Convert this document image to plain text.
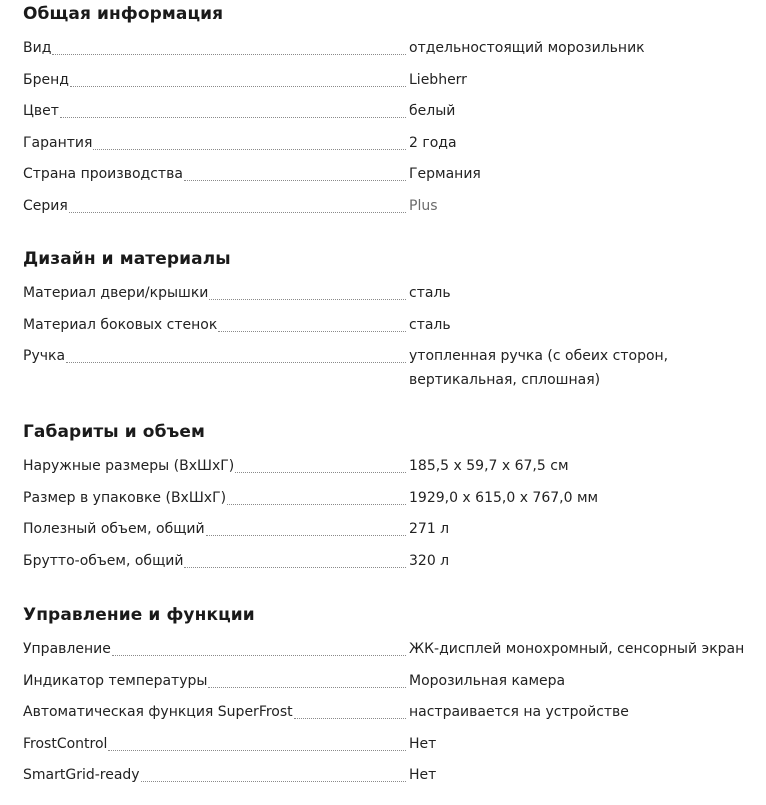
Общая информация
Вид	отдельностоящий морозильник
Бренд	Liebherr
Цвет	белый
Гарантия	2 года
Страна производства	Германия
Серия	Plus
Дизайн и материалы
Материал двери/крышки	сталь
Материал боковых стенок	сталь
Ручка	утопленная ручка (с обеих сторон, вертикальная, сплошная)
Габариты и объем
Наружные размеры (ВхШхГ)	185,5 x 59,7 x 67,5 см
Размер в упаковке (ВхШхГ)	1929,0 x 615,0 x 767,0 мм
Полезный объем, общий	271 л
Брутто-объем, общий	320 л
Управление и функции
Управление	ЖК-дисплей монохромный, сенсорный экран
Индикатор температуры	Морозильная камера
Автоматическая функция SuperFrost	настраивается на устройстве
FrostControl	Нет
SmartGrid-ready	Нет
